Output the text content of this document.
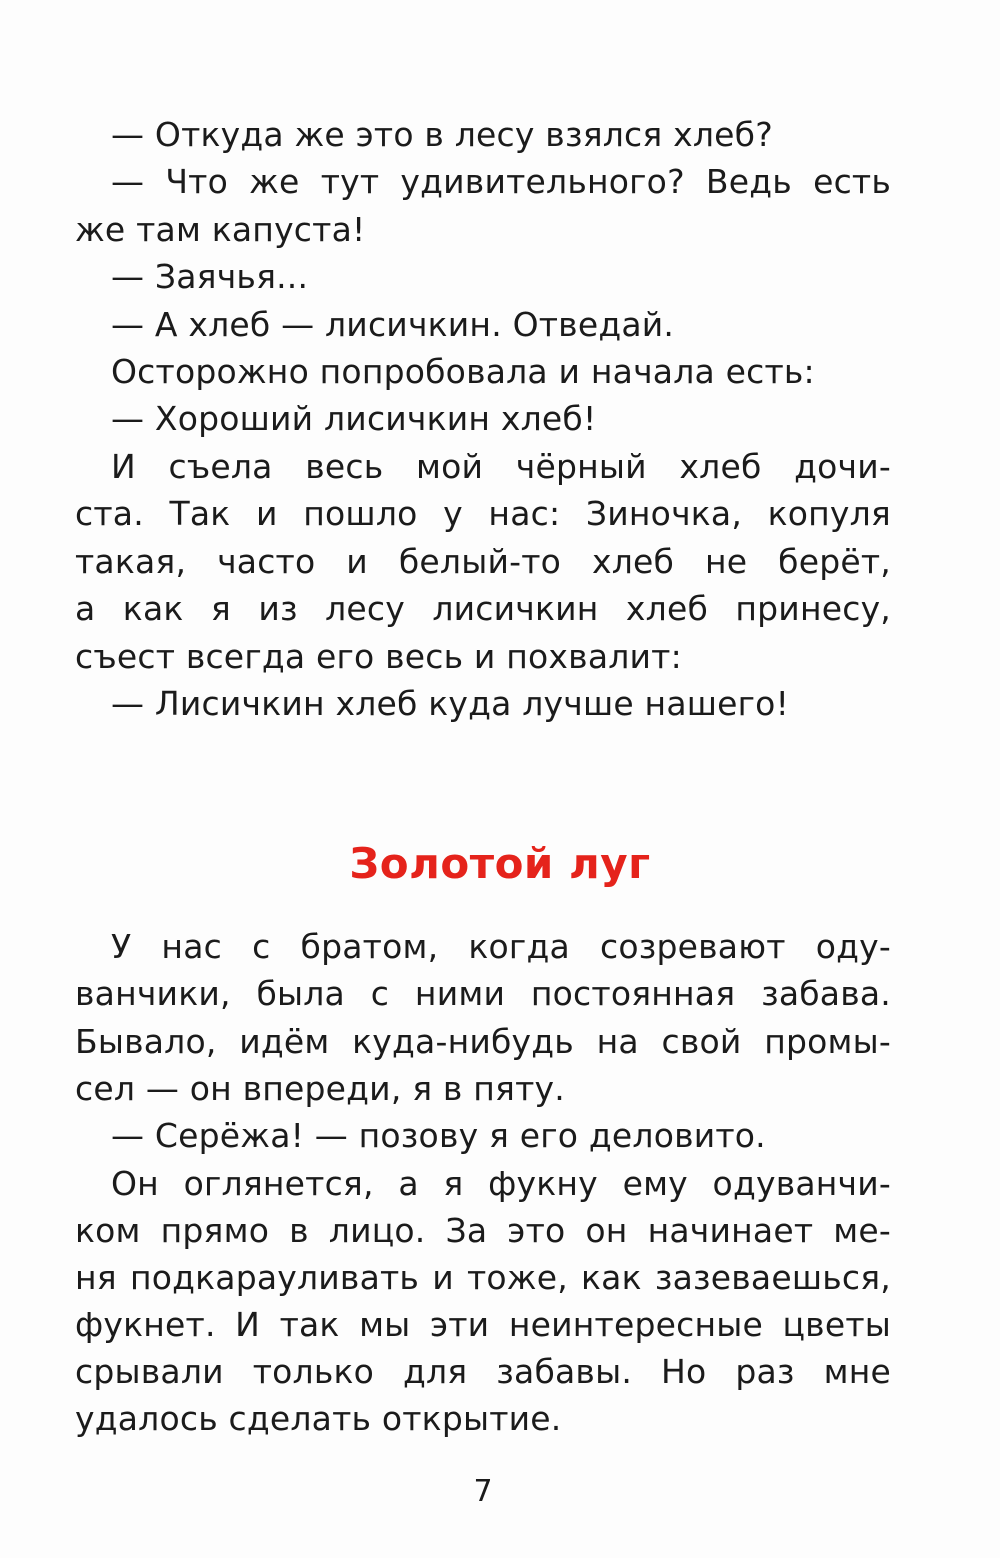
— Откуда же это в лесу взялся хлеб?
— Что же тут удивительного? Ведь есть
же там капуста!
— Заячья...
— А хлеб — лисичкин. Отведай.
Осторожно попробовала и начала есть:
— Хороший лисичкин хлеб!
И съела весь мой чёрный хлеб дочи-
ста. Так и пошло у нас: Зиночка, копуля
такая, часто и белый-то хлеб не берёт,
а как я из лесу лисичкин хлеб принесу,
съест всегда его весь и похвалит:
— Лисичкин хлеб куда лучше нашего!
Золотой луг
У нас с братом, когда созревают оду-
ванчики, была с ними постоянная забава.
Бывало, идём куда-нибудь на свой промы-
сел — он впереди, я в пяту.
— Серёжа! — позову я его деловито.
Он оглянется, а я фукну ему одуванчи-
ком прямо в лицо. За это он начинает ме-
ня подкарауливать и тоже, как зазеваешься,
фукнет. И так мы эти неинтересные цветы
срывали только для забавы. Но раз мне
удалось сделать открытие.
7
